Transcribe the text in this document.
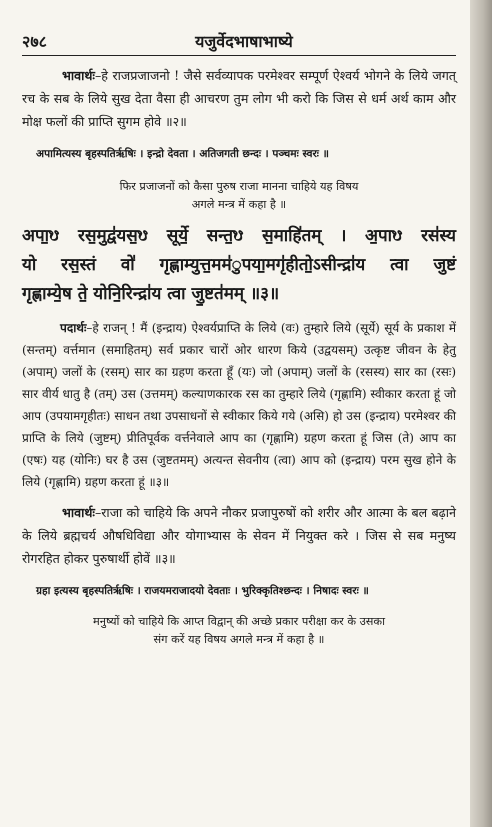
२७८	यजुर्वेदभाषाभाष्ये

भावार्थः–हे राजप्रजाजनो ! जैसे सर्वव्यापक परमेश्वर सम्पूर्ण ऐश्वर्य भोगने के लिये जगत् रच के सब के लिये सुख देता वैसा ही आचरण तुम लोग भी करो कि जिस से धर्म अर्थ काम और मोक्ष फलों की प्राप्ति सुगम होवे ॥२॥

अपामित्यस्य बृहस्पतिर्ऋषिः । इन्द्रो देवता । अतिजगती छन्दः । पञ्चमः स्वरः ॥

फिर प्रजाजनों को कैसा पुरुष राजा मानना चाहिये यह विषय
अगले मन्त्र में कहा है ॥
अपा॒ᳪ रस॒मुद्व॑यस॒ᳪ सूर्ये॒ सन्त॒ᳪ स॒माहि॑तम् । अ॒पाᳪ रस॑स्य
यो रस॒स्तं वो॑ गृह्णाम्युत्त॒मम॑ुपया॒मगृ॑हीतो॒ऽसीन्द्रा॑य त्वा जुष्टं
गृह्णाम्ये॒ष ते॒ योनि॒रिन्द्रा॑य त्वा जु॒ष्टत॑मम् ॥३॥

पदार्थः–हे राजन् ! मैं (इन्द्राय) ऐश्वर्यप्राप्ति के लिये (वः) तुम्हारे लिये (सूर्ये) सूर्य के प्रकाश में (सन्तम्) वर्त्तमान (समाहितम्) सर्व प्रकार चारों ओर धारण किये (उद्वयसम्) उत्कृष्ट जीवन के हेतु (अपाम्) जलों के (रसम्) सार का ग्रहण करता हूँ (यः) जो (अपाम्) जलों के (रसस्य) सार का (रसः) सार वीर्य धातु है (तम्) उस (उत्तमम्) कल्याणकारक रस का तुम्हारे लिये (गृह्णामि) स्वीकार करता हूं जो आप (उपयामगृहीतः) साधन तथा उपसाधनों से स्वीकार किये गये (असि) हो उस (इन्द्राय) परमेश्वर की प्राप्ति के लिये (जुष्टम्) प्रीतिपूर्वक वर्त्तनेवाले आप का (गृह्णामि) ग्रहण करता हूं जिस (ते) आप का (एषः) यह (योनिः) घर है उस (जुष्टतमम्) अत्यन्त सेवनीय (त्वा) आप को (इन्द्राय) परम सुख होने के लिये (गृह्णामि) ग्रहण करता हूं ॥३॥

भावार्थः–राजा को चाहिये कि अपने नौकर प्रजापुरुषों को शरीर और आत्मा के बल बढ़ाने के लिये ब्रह्मचर्य औषधिविद्या और योगाभ्यास के सेवन में नियुक्त करे । जिस से सब मनुष्य रोगरहित होकर पुरुषार्थी होवें ॥३॥

ग्रहा इत्यस्य बृहस्पतिर्ऋषिः । राजयमराजादयो देवताः । भुरिक्कृतिश्छन्दः । निषादः स्वरः ॥

मनुष्यों को चाहिये कि आप्त विद्वान् की अच्छे प्रकार परीक्षा कर के उसका
संग करें यह विषय अगले मन्त्र में कहा है ॥
